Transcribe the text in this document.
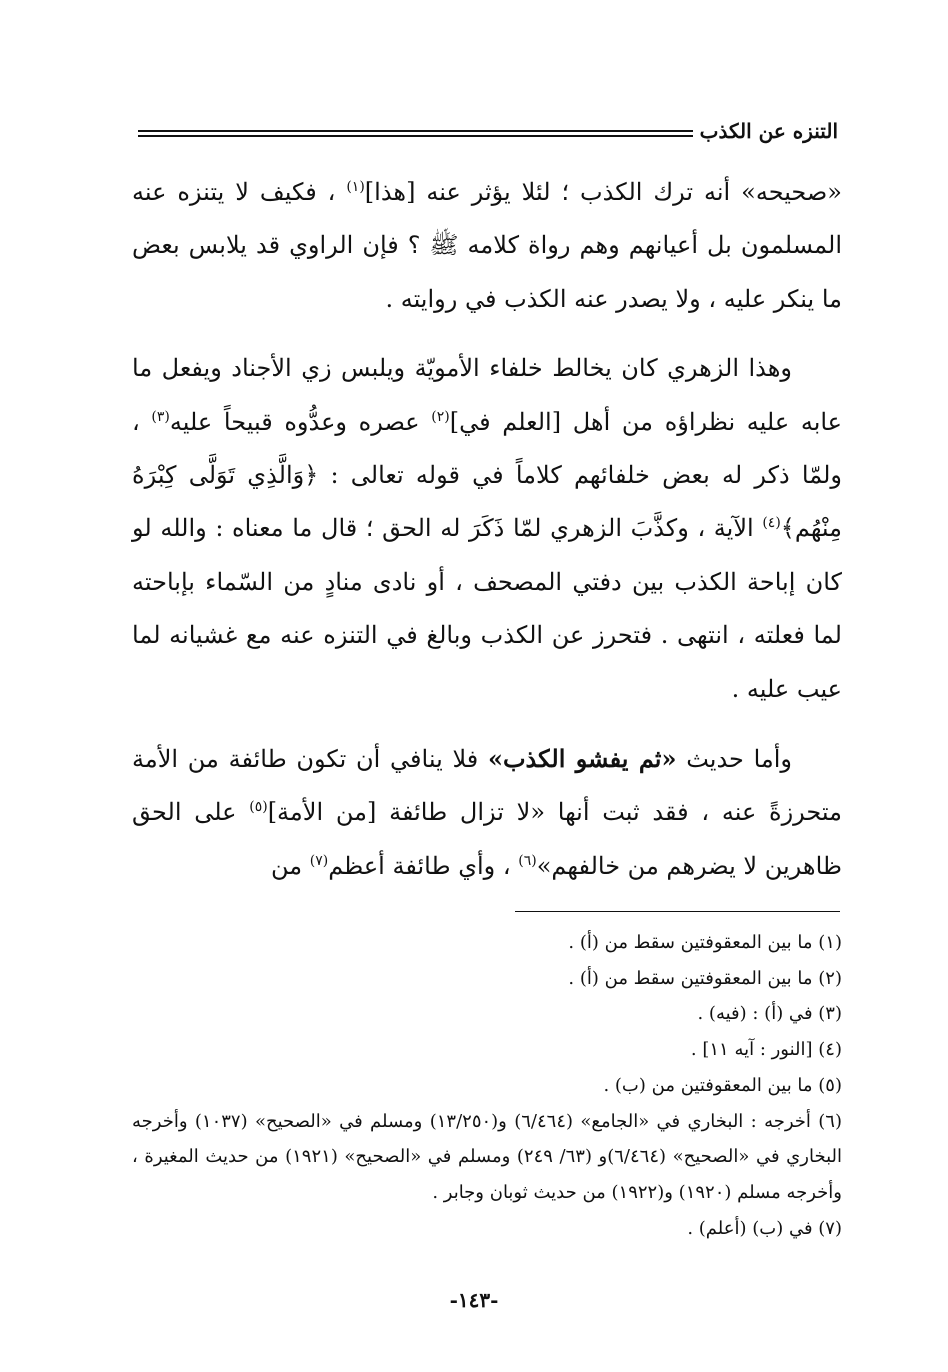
التنزه عن الكذب

«صحيحه» أنه ترك الكذب ؛ لئلا يؤثر عنه [هذا]$^{(١)}$ ، فكيف لا يتنزه عنه المسلمون بل أعيانهم وهم رواة كلامه ﷺ ؟ فإن الراوي قد يلابس بعض ما ينكر عليه ، ولا يصدر عنه الكذب في روايته .

وهذا الزهري كان يخالط خلفاء الأمويّة ويلبس زي الأجناد ويفعل ما عابه عليه نظراؤه من أهل [العلم في]$^{(٢)}$ عصره وعدُّوه قبيحاً عليه$^{(٣)}$ ، ولمّا ذكر له بعض خلفائهم كلاماً في قوله تعالى : ﴿وَالَّذِي تَوَلَّى كِبْرَهُ مِنْهُم﴾$^{(٤)}$ الآية ، وكذَّبَ الزهري لمّا ذَكَرَ له الحق ؛ قال ما معناه : والله لو كان إباحة الكذب بين دفتي المصحف ، أو نادى منادٍ من السّماء بإباحته لما فعلته ، انتهى . فتحرز عن الكذب وبالغ في التنزه عنه مع غشيانه لما عيب عليه .

وأما حديث «ثم يفشو الكذب» فلا ينافي أن تكون طائفة من الأمة متحرزةً عنه ، فقد ثبت أنها «لا تزال طائفة [من الأمة]$^{(٥)}$ على الحق ظاهرين لا يضرهم من خالفهم»$^{(٦)}$ ، وأي طائفة أعظم$^{(٧)}$ من

(١) ما بين المعقوفتين سقط من (أ) .
(٢) ما بين المعقوفتين سقط من (أ) .
(٣) في (أ) : (فيه) .
(٤) [النور : آيه ١١] .
(٥) ما بين المعقوفتين من (ب) .
(٦) أخرجه : البخاري في «الجامع» (٦/٤٦٤) و(١٣/٢٥٠) ومسلم في «الصحيح» (١٠٣٧) وأخرجه البخاري في «الصحيح» (٦/٤٦٤)و (٦٣/ ٢٤٩) ومسلم في «الصحيح» (١٩٢١) من حديث المغيرة ، وأخرجه مسلم (١٩٢٠) و(١٩٢٢) من حديث ثوبان وجابر .
(٧) في (ب) (أعلم) .
-١٤٣-
